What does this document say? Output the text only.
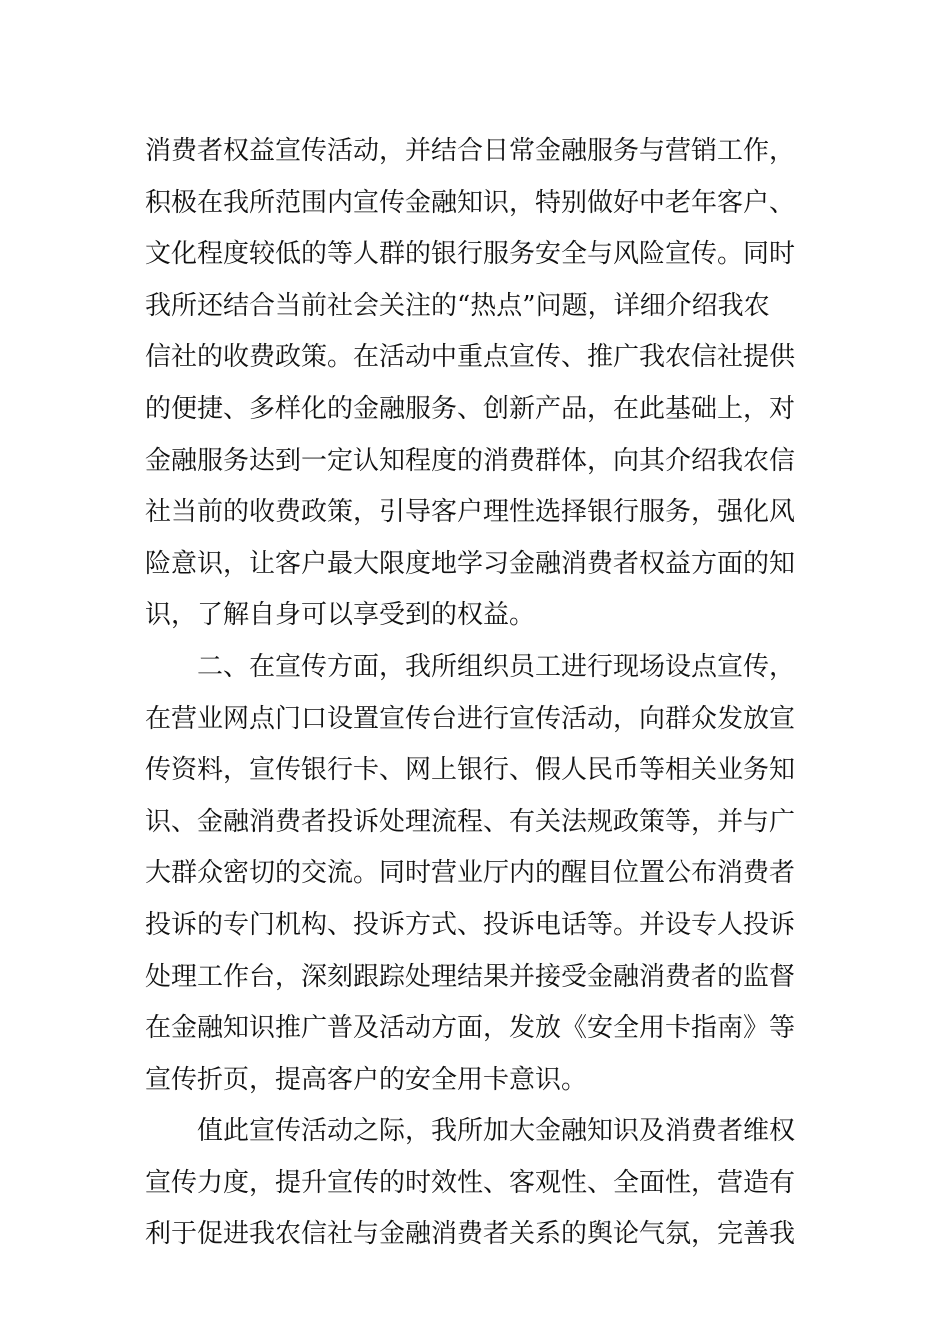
消费者权益宣传活动，并结合日常金融服务与营销工作，
积极在我所范围内宣传金融知识，特别做好中老年客户、
文化程度较低的等人群的银行服务安全与风险宣传。同时
我所还结合当前社会关注的“热点”问题，详细介绍我农
信社的收费政策。在活动中重点宣传、推广我农信社提供
的便捷、多样化的金融服务、创新产品，在此基础上，对
金融服务达到一定认知程度的消费群体，向其介绍我农信
社当前的收费政策，引导客户理性选择银行服务，强化风
险意识，让客户最大限度地学习金融消费者权益方面的知
识，了解自身可以享受到的权益。
二、在宣传方面，我所组织员工进行现场设点宣传，
在营业网点门口设置宣传台进行宣传活动，向群众发放宣
传资料，宣传银行卡、网上银行、假人民币等相关业务知
识、金融消费者投诉处理流程、有关法规政策等，并与广
大群众密切的交流。同时营业厅内的醒目位置公布消费者
投诉的专门机构、投诉方式、投诉电话等。并设专人投诉
处理工作台，深刻跟踪处理结果并接受金融消费者的监督
在金融知识推广普及活动方面，发放《安全用卡指南》等
宣传折页，提高客户的安全用卡意识。
值此宣传活动之际，我所加大金融知识及消费者维权
宣传力度，提升宣传的时效性、客观性、全面性，营造有
利于促进我农信社与金融消费者关系的舆论气氛，完善我
